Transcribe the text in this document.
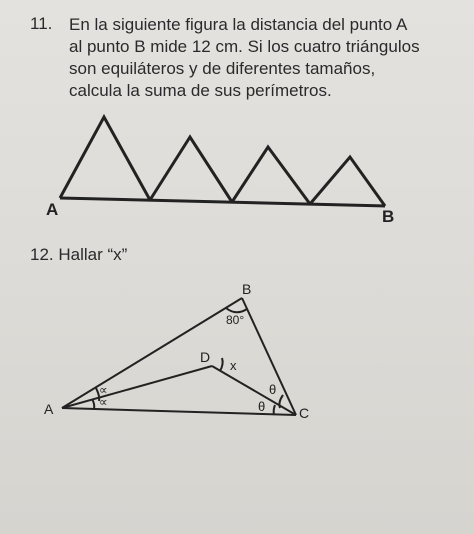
11. En la siguiente figura la distancia del punto A
al punto B mide 12 cm. Si los cuatro triángulos
son equiláteros y de diferentes tamaños,
calcula la suma de sus perímetros.
A	B
12. Hallar “x”
A
B
C
D
80°
x
∝
∝
θ
θ
